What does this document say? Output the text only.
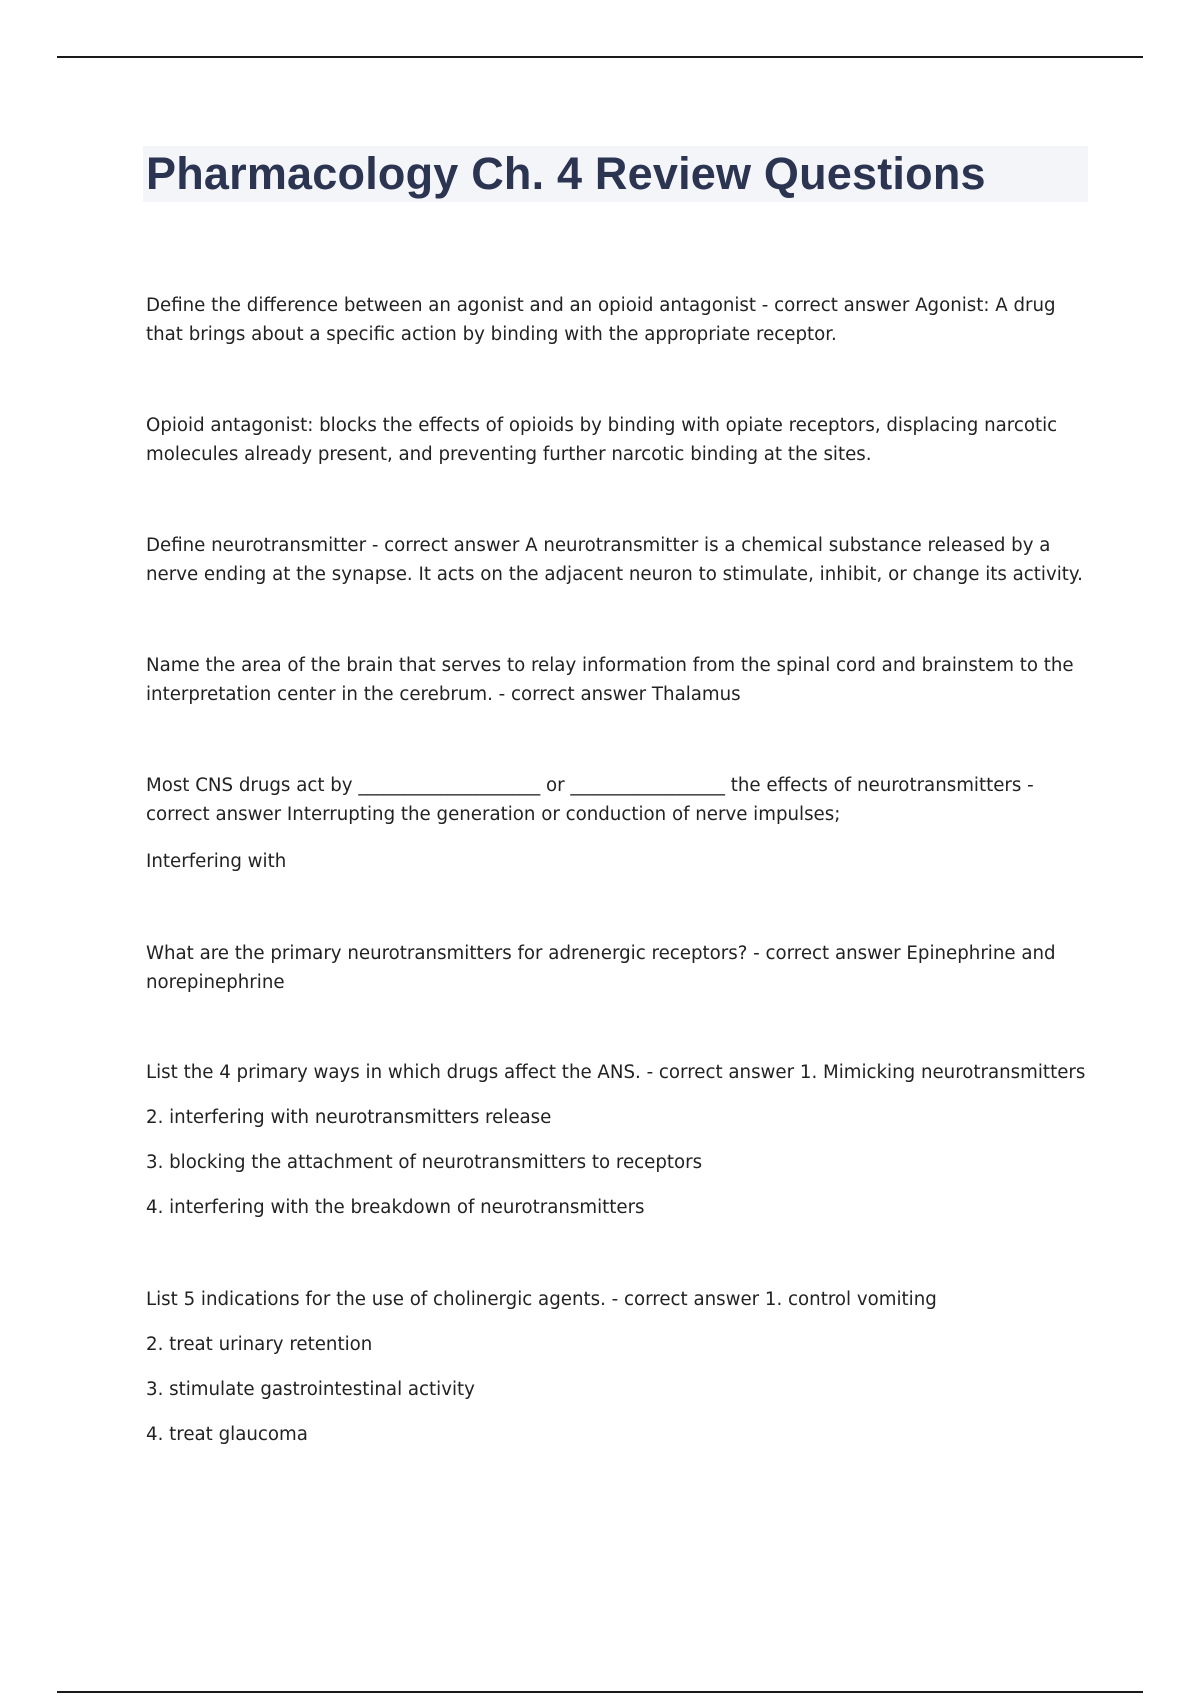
Pharmacology Ch. 4 Review Questions

Define the difference between an agonist and an opioid antagonist - correct answer Agonist: A drug that brings about a specific action by binding with the appropriate receptor.

Opioid antagonist: blocks the effects of opioids by binding with opiate receptors, displacing narcotic molecules already present, and preventing further narcotic binding at the sites.

Define neurotransmitter - correct answer A neurotransmitter is a chemical substance released by a nerve ending at the synapse. It acts on the adjacent neuron to stimulate, inhibit, or change its activity.

Name the area of the brain that serves to relay information from the spinal cord and brainstem to the interpretation center in the cerebrum. - correct answer Thalamus

Most CNS drugs act by ____________________ or _________________ the effects of neurotransmitters - correct answer Interrupting the generation or conduction of nerve impulses;

Interfering with

What are the primary neurotransmitters for adrenergic receptors? - correct answer Epinephrine and norepinephrine

List the 4 primary ways in which drugs affect the ANS. - correct answer 1. Mimicking neurotransmitters

2. interfering with neurotransmitters release

3. blocking the attachment of neurotransmitters to receptors

4. interfering with the breakdown of neurotransmitters

List 5 indications for the use of cholinergic agents. - correct answer 1. control vomiting

2. treat urinary retention

3. stimulate gastrointestinal activity

4. treat glaucoma
